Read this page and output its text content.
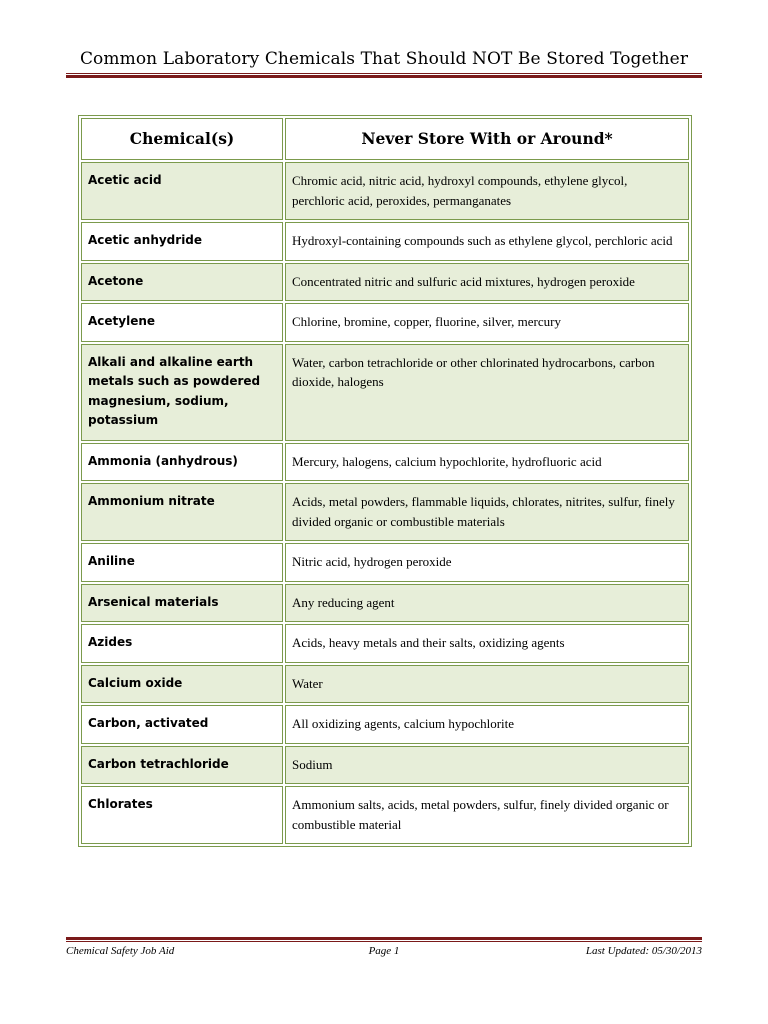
Common Laboratory Chemicals That Should NOT Be Stored Together
Chemical(s)	Never Store With or Around*
Acetic acid	Chromic acid, nitric acid, hydroxyl compounds, ethylene glycol, perchloric acid, peroxides, permanganates
Acetic anhydride	Hydroxyl-containing compounds such as ethylene glycol, perchloric acid
Acetone	Concentrated nitric and sulfuric acid mixtures, hydrogen peroxide
Acetylene	Chlorine, bromine, copper, fluorine, silver, mercury
Alkali and alkaline earth metals such as powdered magnesium, sodium, potassium	Water, carbon tetrachloride or other chlorinated hydrocarbons, carbon dioxide, halogens
Ammonia (anhydrous)	Mercury, halogens, calcium hypochlorite, hydrofluoric acid
Ammonium nitrate	Acids, metal powders, flammable liquids, chlorates, nitrites, sulfur, finely divided organic or combustible materials
Aniline	Nitric acid, hydrogen peroxide
Arsenical materials	Any reducing agent
Azides	Acids, heavy metals and their salts, oxidizing agents
Calcium oxide	Water
Carbon, activated	All oxidizing agents, calcium hypochlorite
Carbon tetrachloride	Sodium
Chlorates	Ammonium salts, acids, metal powders, sulfur, finely divided organic or combustible material
Chemical Safety Job Aid	Page 1	Last Updated: 05/30/2013
